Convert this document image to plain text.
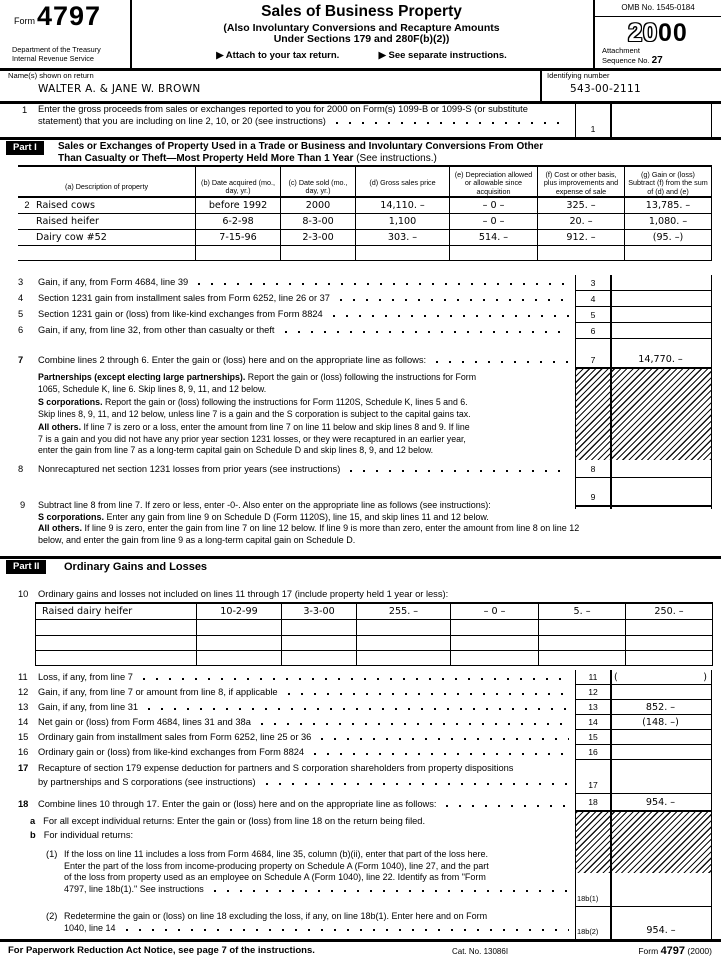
Form 4797
Department of the Treasury
Internal Revenue Service
Sales of Business Property
(Also Involuntary Conversions and Recapture Amounts
Under Sections 179 and 280F(b)(2))
▶ Attach to your tax return.	▶ See separate instructions.
OMB No. 1545-0184
2000
Attachment
Sequence No. 27
Name(s) shown on return
WALTER A. & JANE W. BROWN
Identifying number
543-00-2111
1 Enter the gross proceeds from sales or exchanges reported to you for 2000 on Form(s) 1099-B or 1099-S (or substitute
statement) that you are including on line 2, 10, or 20 (see instructions)
1
Part I	Sales or Exchanges of Property Used in a Trade or Business and Involuntary Conversions From Other
Than Casualty or Theft—Most Property Held More Than 1 Year (See instructions.)
(a) Description of property	(b) Date acquired (mo., day, yr.)
(c) Date sold (mo., day, yr.)
(d) Gross sales price
(e) Depreciation allowed or allowable since acquisition
(f) Cost or other basis, plus improvements and expense of sale
(g) Gain or (loss) Subtract (f) from the sum of (d) and (e)
2 Raised cows	before 1992	2000	14,110. –	– 0 –	325. –	13,785. –
Raised heifer	6-2-98	8-3-00	1,100	– 0 –	20. –	1,080. –
Dairy cow #52	7-15-96	2-3-00	303. –	514. –	912. –	(95. –)
3	Gain, if any, from Form 4684, line 39
4	Section 1231 gain from installment sales from Form 6252, line 26 or 37
5	Section 1231 gain or (loss) from like-kind exchanges from Form 8824
6	Gain, if any, from line 32, from other than casualty or theft
7	Combine lines 2 through 6. Enter the gain or (loss) here and on the appropriate line as follows:
3
4
5
6
7	14,770. –
Partnerships (except electing large partnerships). Report the gain or (loss) following the instructions for Form
1065, Schedule K, line 6. Skip lines 8, 9, 11, and 12 below.
S corporations. Report the gain or (loss) following the instructions for Form 1120S, Schedule K, lines 5 and 6.
Skip lines 8, 9, 11, and 12 below, unless line 7 is a gain and the S corporation is subject to the capital gains tax.
All others. If line 7 is zero or a loss, enter the amount from line 7 on line 11 below and skip lines 8 and 9. If line
7 is a gain and you did not have any prior year section 1231 losses, or they were recaptured in an earlier year,
enter the gain from line 7 as a long-term capital gain on Schedule D and skip lines 8, 9, and 12 below.
8	Nonrecaptured net section 1231 losses from prior years (see instructions)
9 Subtract line 8 from line 7. If zero or less, enter -0-. Also enter on the appropriate line as follows (see instructions):
S corporations. Enter any gain from line 9 on Schedule D (Form 1120S), line 15, and skip lines 11 and 12 below.
All others. If line 9 is zero, enter the gain from line 7 on line 12 below. If line 9 is more than zero, enter the amount from line 8 on line 12
below, and enter the gain from line 9 as a long-term capital gain on Schedule D.
8
9
Part II	Ordinary Gains and Losses
10 Ordinary gains and losses not included on lines 11 through 17 (include property held 1 year or less):
Raised dairy heifer	10-2-99	3-3-00	255. –	– 0 –	5. –	250. –
11	Loss, if any, from line 7
12	Gain, if any, from line 7 or amount from line 8, if applicable
13	Gain, if any, from line 31
14	Net gain or (loss) from Form 4684, lines 31 and 38a
15	Ordinary gain from installment sales from Form 6252, line 25 or 36
16	Ordinary gain or (loss) from like-kind exchanges from Form 8824
17	Recapture of section 179 expense deduction for partners and S corporation shareholders from property dispositions
by partnerships and S corporations (see instructions)
18	Combine lines 10 through 17. Enter the gain or (loss) here and on the appropriate line as follows:
11	(	)
12
13	852. –
14	(148. –)
15
16
17
18	954. –
a For all except individual returns: Enter the gain or (loss) from line 18 on the return being filed.
b For individual returns:
(1) If the loss on line 11 includes a loss from Form 4684, line 35, column (b)(ii), enter that part of the loss here.
Enter the part of the loss from income-producing property on Schedule A (Form 1040), line 27, and the part
of the loss from property used as an employee on Schedule A (Form 1040), line 22. Identify as from "Form
4797, line 18b(1)." See instructions
(2) Redetermine the gain or (loss) on line 18 excluding the loss, if any, on line 18b(1). Enter here and on Form
1040, line 14
18b(1)
18b(2)	954. –
For Paperwork Reduction Act Notice, see page 7 of the instructions.	Cat. No. 13086I	Form 4797 (2000)
